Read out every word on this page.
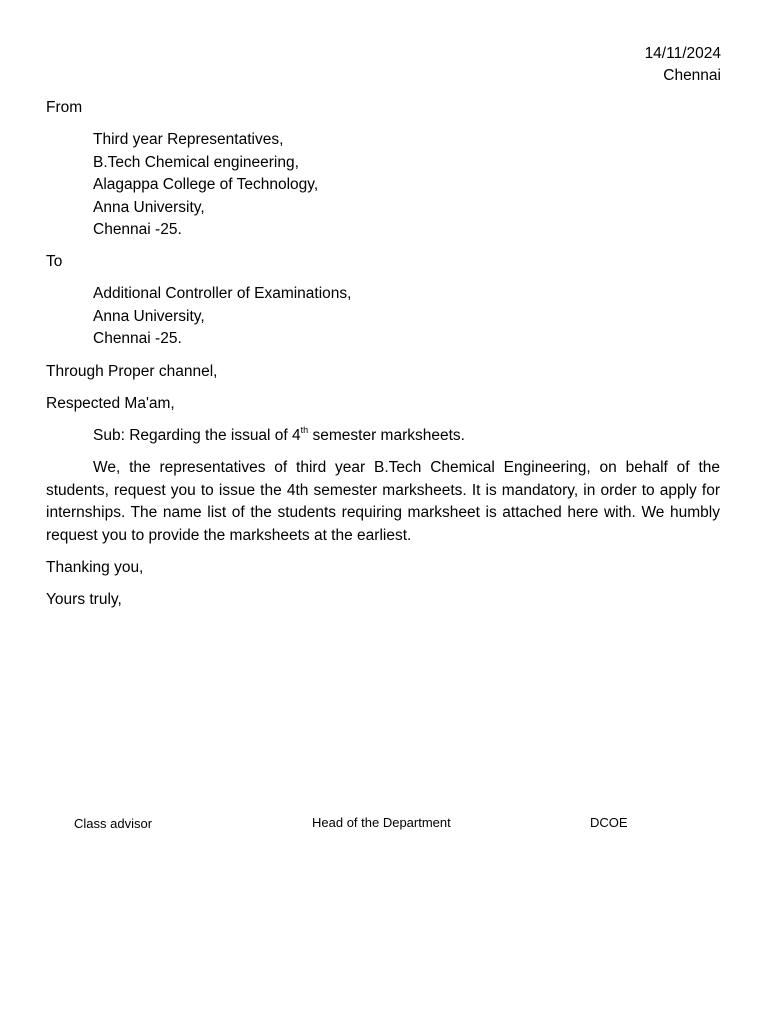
14/11/2024
Chennai
From
Third year Representatives,
B.Tech Chemical engineering,
Alagappa College of Technology,
Anna University,
Chennai -25.
To
Additional Controller of Examinations,
Anna University,
Chennai -25.
Through Proper channel,
Respected Ma'am,
Sub: Regarding the issual of 4th semester marksheets.

We, the representatives of third year B.Tech Chemical Engineering, on behalf of the students, request you to issue the 4th semester marksheets. It is mandatory, in order to apply for internships. The name list of the students requiring marksheet is attached here with. We humbly request you to provide the marksheets at the earliest.

Thanking you,
Yours truly,
Class advisor	Head of the Department	DCOE
